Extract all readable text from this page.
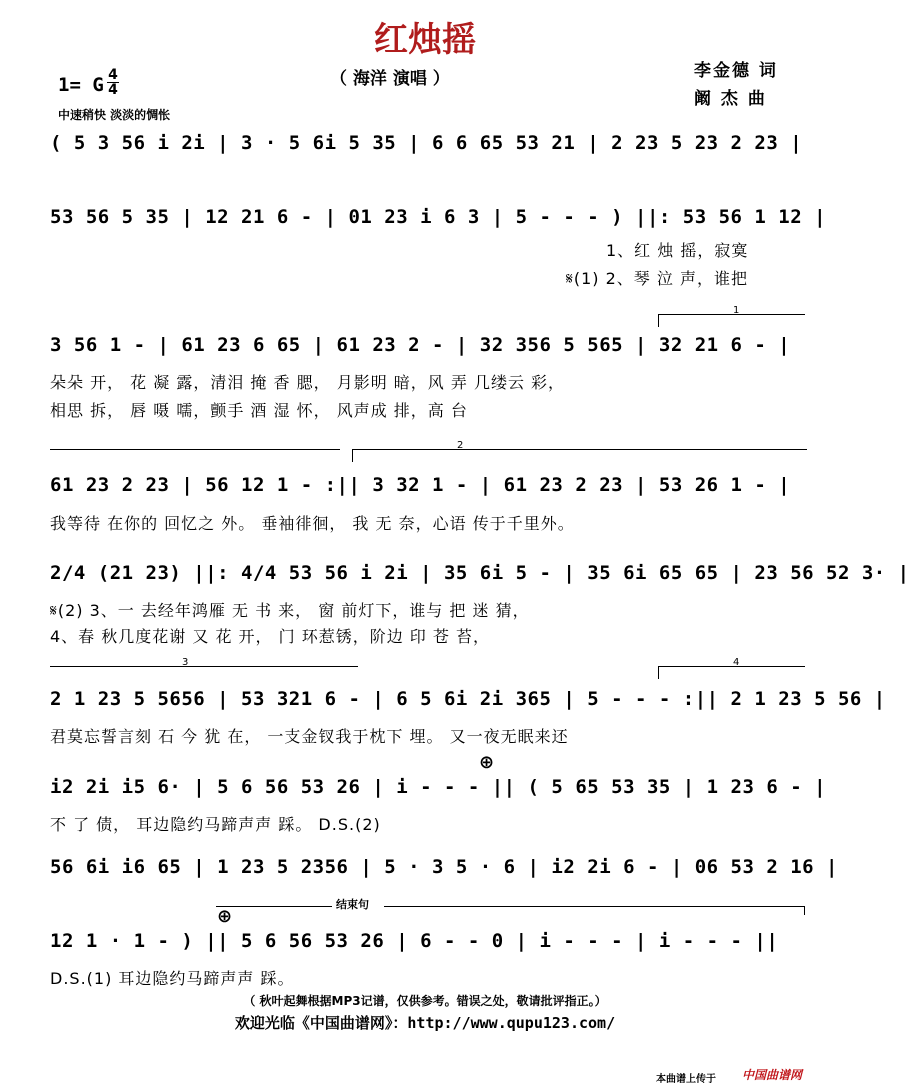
红烛摇
（ 海洋 演唱 ）	李金德 词
阚 杰 曲
1= G 4
4
中速稍快 淡淡的惆怅
( 5 3 56 i 2i | 3 · 5 6i 5 35 | 6 6 65 53 21 | 2 23 5 23 2 23 |
53 56 5 35 | 12 21 6 - | 01 23 i 6 3 | 5 - - - ) ||: 53 56 1 12 |
1、红 烛 摇，寂寞
𝄋(1) 2、琴 泣 声，谁把
1
3 56 1 - | 61 23 6 65 | 61 23 2 - | 32 356 5 565 | 32 21 6 - |
朵朵 开， 花 凝 露，清泪 掩 香 腮， 月影明 暗，风 弄 几缕云 彩，
相思 拆， 唇 嗫 嚅，颤手 酒 湿 怀， 风声成 排，高 台
2
61 23 2 23 | 56 12 1 - :|| 3 32 1 - | 61 23 2 23 | 53 26 1 - |
我等待 在你的 回忆之 外。 垂袖徘徊， 我 无 奈，心语 传于千里外。
2/4 (21 23) ||: 4/4 53 56 i 2i | 35 6i 5 - | 35 6i 65 65 | 23 56 52 3· |
𝄋(2) 3、一 去经年鸿雁 无 书 来， 窗 前灯下，谁与 把 迷 猜，
4、春 秋几度花谢 又 花 开， 门 环惹锈，阶边 印 苍 苔，
3	4
2 1 23 5 5656 | 53 321 6 - | 6 5 6i 2i 365 | 5 - - - :|| 2 1 23 5 56 |
君莫忘誓言刻 石 今 犹 在， 一支金钗我于枕下 埋。 又一夜无眠来还
⊕
i2 2i i5 6· | 5 6 56 53 26 | i - - - || ( 5 65 53 35 | 1 23 6 - |
不 了 债， 耳边隐约马蹄声声 踩。 D.S.(2)
56 6i i6 65 | 1 23 5 2356 | 5 · 3 5 · 6 | i2 2i 6 - | 06 53 2 16 |
结束句
⊕
12 1 · 1 - ) || 5 6 56 53 26 | 6 - - 0 | i - - - | i - - - ||
D.S.(1) 耳边隐约马蹄声声 踩。
（ 秋叶起舞根据MP3记谱，仅供参考。错误之处，敬请批评指正。）
欢迎光临《中国曲谱网》：http://www.qupu123.com/
本曲谱上传于 中国曲谱网
